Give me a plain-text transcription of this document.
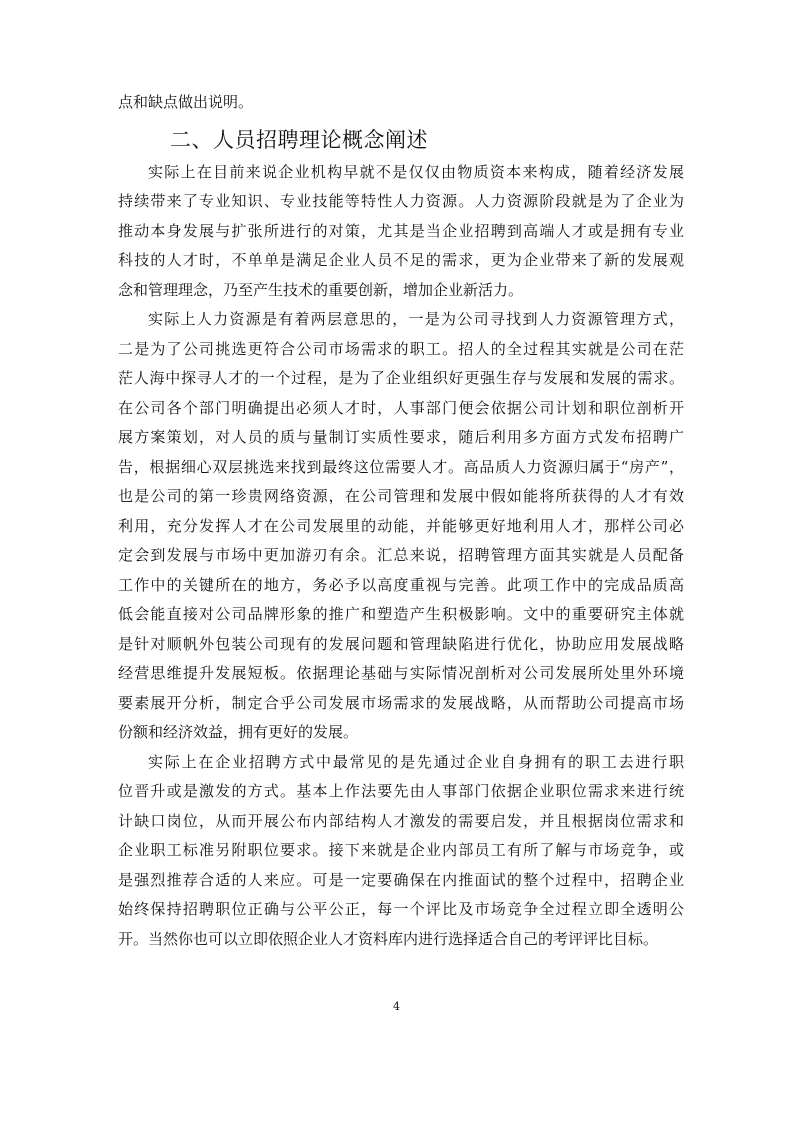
点和缺点做出说明。
二、人员招聘理论概念阐述
实际上在目前来说企业机构早就不是仅仅由物质资本来构成，随着经济发展
持续带来了专业知识、专业技能等特性人力资源。人力资源阶段就是为了企业为
推动本身发展与扩张所进行的对策，尤其是当企业招聘到高端人才或是拥有专业
科技的人才时，不单单是满足企业人员不足的需求，更为企业带来了新的发展观
念和管理理念，乃至产生技术的重要创新，增加企业新活力。
实际上人力资源是有着两层意思的，一是为公司寻找到人力资源管理方式，
二是为了公司挑选更符合公司市场需求的职工。招人的全过程其实就是公司在茫
茫人海中探寻人才的一个过程，是为了企业组织好更强生存与发展和发展的需求。
在公司各个部门明确提出必须人才时，人事部门便会依据公司计划和职位剖析开
展方案策划，对人员的质与量制订实质性要求，随后利用多方面方式发布招聘广
告，根据细心双层挑选来找到最终这位需要人才。高品质人力资源归属于“房产”，
也是公司的第一珍贵网络资源，在公司管理和发展中假如能将所获得的人才有效
利用，充分发挥人才在公司发展里的动能，并能够更好地利用人才，那样公司必
定会到发展与市场中更加游刃有余。汇总来说，招聘管理方面其实就是人员配备
工作中的关键所在的地方，务必予以高度重视与完善。此项工作中的完成品质高
低会能直接对公司品牌形象的推广和塑造产生积极影响。文中的重要研究主体就
是针对顺帆外包装公司现有的发展问题和管理缺陷进行优化，协助应用发展战略
经营思维提升发展短板。依据理论基础与实际情况剖析对公司发展所处里外环境
要素展开分析，制定合乎公司发展市场需求的发展战略，从而帮助公司提高市场
份额和经济效益，拥有更好的发展。
实际上在企业招聘方式中最常见的是先通过企业自身拥有的职工去进行职
位晋升或是激发的方式。基本上作法要先由人事部门依据企业职位需求来进行统
计缺口岗位，从而开展公布内部结构人才激发的需要启发，并且根据岗位需求和
企业职工标准另附职位要求。接下来就是企业内部员工有所了解与市场竞争，或
是强烈推荐合适的人来应。可是一定要确保在内推面试的整个过程中，招聘企业
始终保持招聘职位正确与公平公正，每一个评比及市场竞争全过程立即全透明公
开。当然你也可以立即依照企业人才资料库内进行选择适合自己的考评评比目标。
4
